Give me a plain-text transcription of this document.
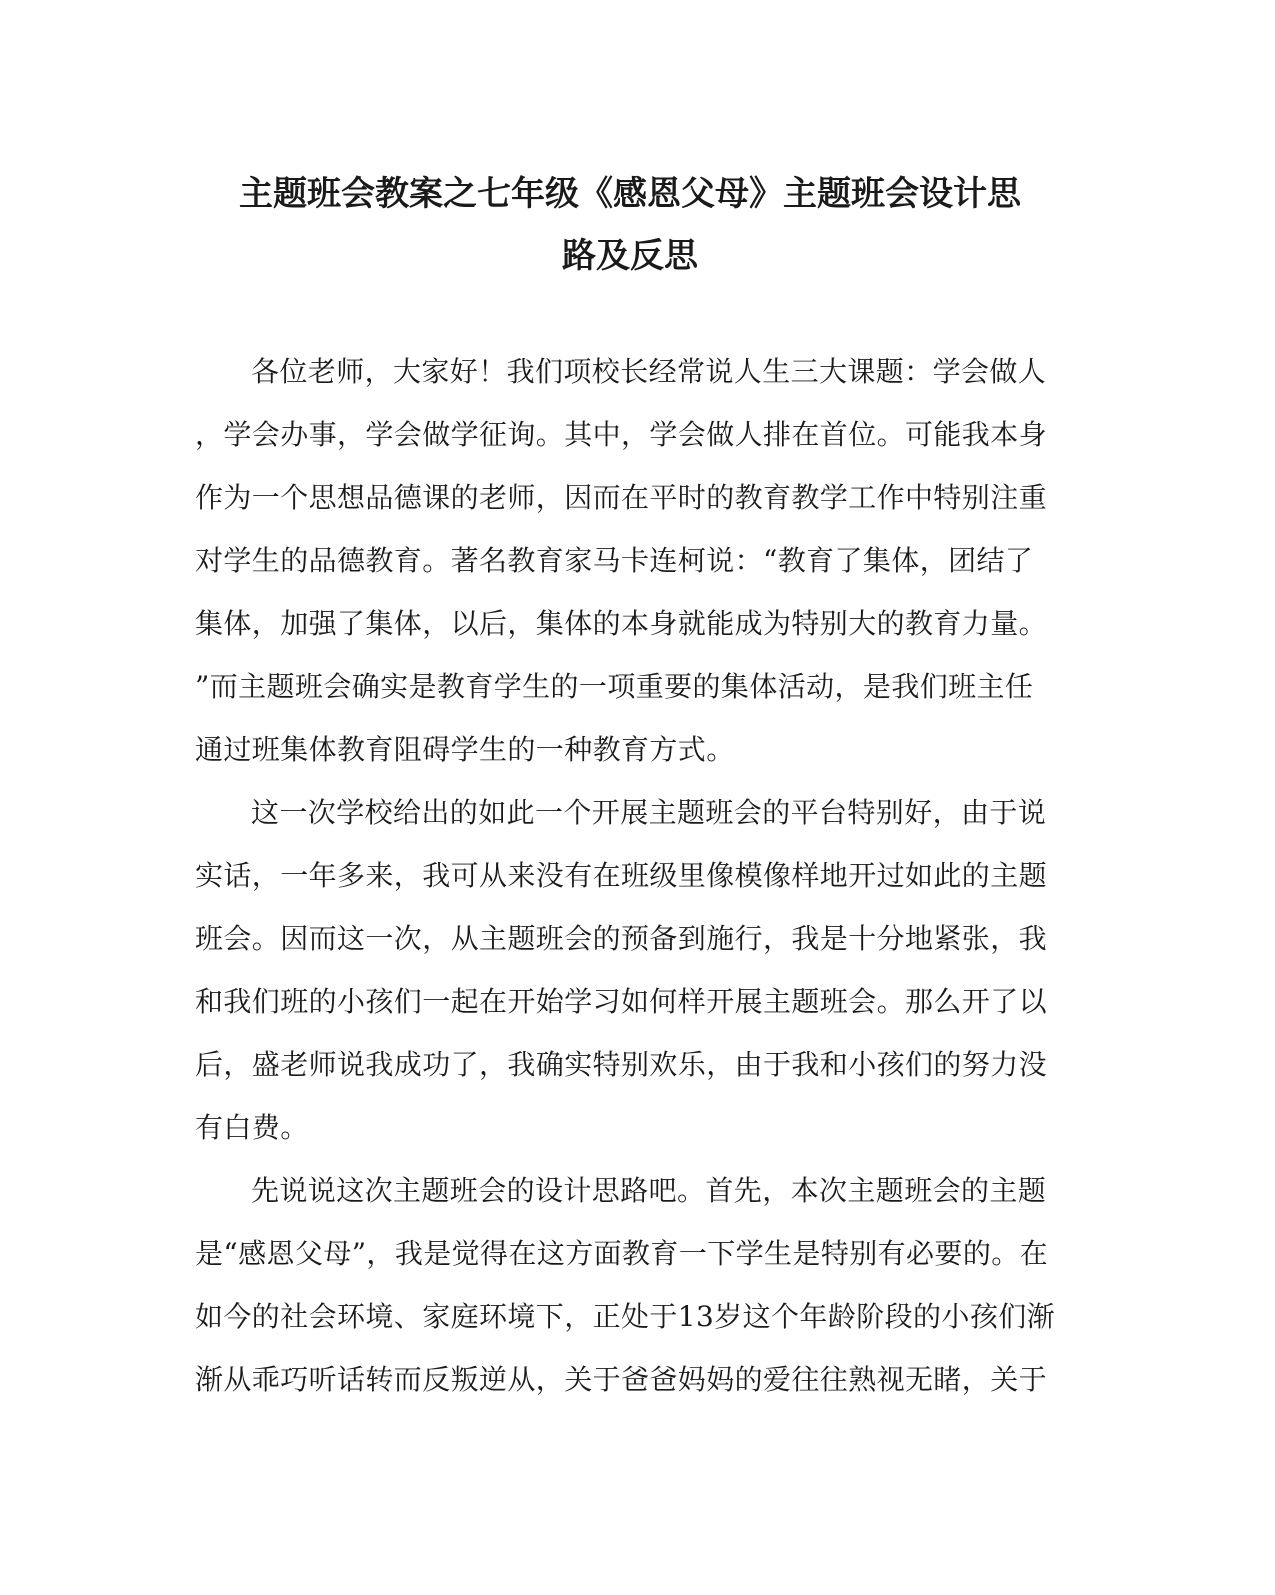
主题班会教案之七年级《感恩父母》主题班会设计思
路及反思
各位老师，大家好！我们项校长经常说人生三大课题：学会做人
，学会办事，学会做学征询。其中，学会做人排在首位。可能我本身
作为一个思想品德课的老师，因而在平时的教育教学工作中特别注重
对学生的品德教育。著名教育家马卡连柯说：“教育了集体，团结了
集体，加强了集体，以后，集体的本身就能成为特别大的教育力量。
”而主题班会确实是教育学生的一项重要的集体活动，是我们班主任
通过班集体教育阻碍学生的一种教育方式。
这一次学校给出的如此一个开展主题班会的平台特别好，由于说
实话，一年多来，我可从来没有在班级里像模像样地开过如此的主题
班会。因而这一次，从主题班会的预备到施行，我是十分地紧张，我
和我们班的小孩们一起在开始学习如何样开展主题班会。那么开了以
后，盛老师说我成功了，我确实特别欢乐，由于我和小孩们的努力没
有白费。
先说说这次主题班会的设计思路吧。首先，本次主题班会的主题
是“感恩父母”，我是觉得在这方面教育一下学生是特别有必要的。在
如今的社会环境、家庭环境下，正处于13岁这个年龄阶段的小孩们渐
渐从乖巧听话转而反叛逆从，关于爸爸妈妈的爱往往熟视无睹，关于
